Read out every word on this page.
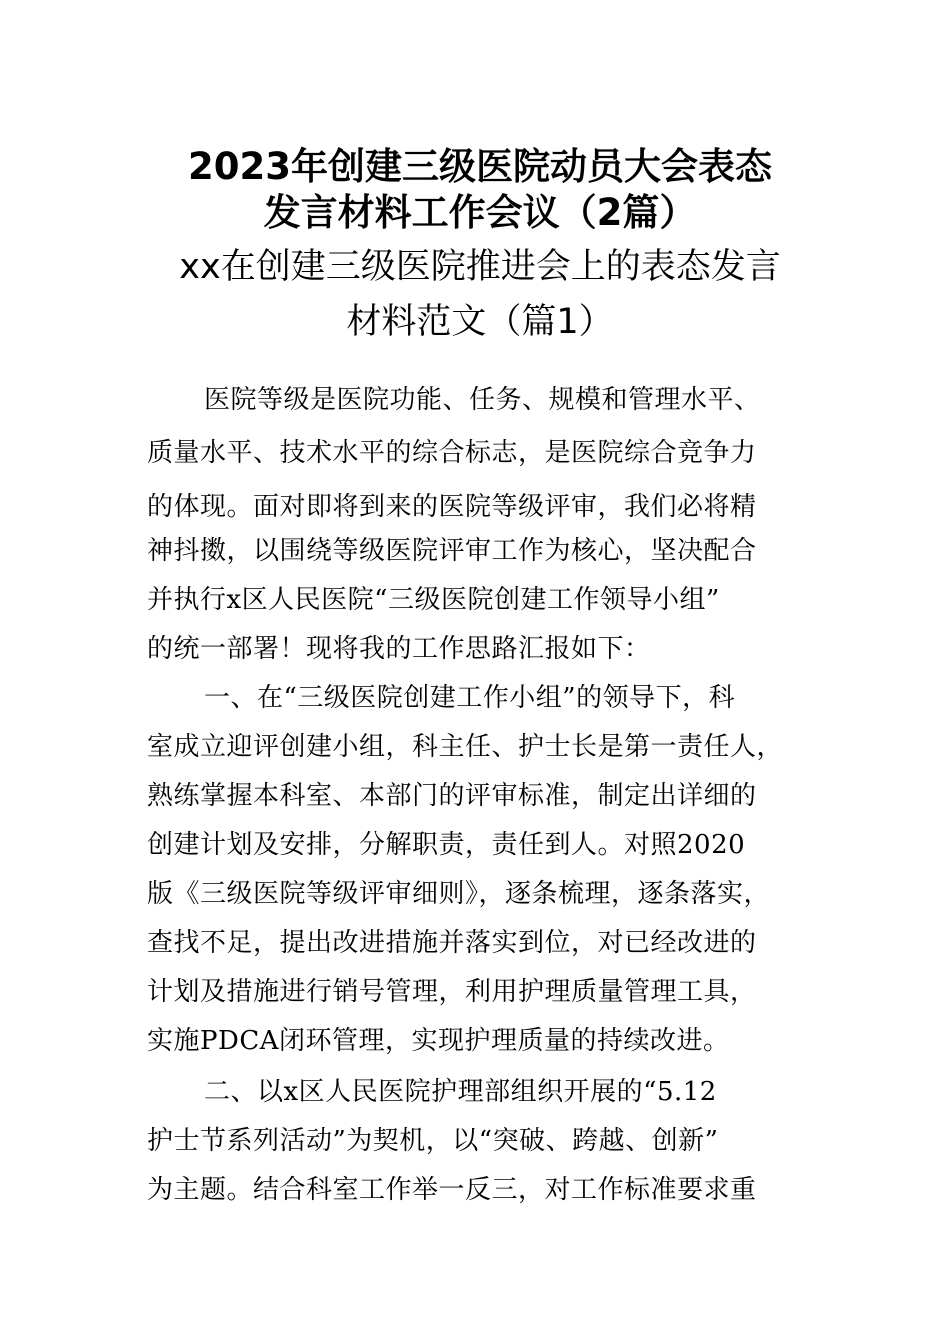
2023年创建三级医院动员大会表态
发言材料工作会议（2篇）
xx在创建三级医院推进会上的表态发言
材料范文（篇1）
医院等级是医院功能、任务、规模和管理水平、
质量水平、技术水平的综合标志，是医院综合竞争力
的体现。面对即将到来的医院等级评审，我们必将精
神抖擞，以围绕等级医院评审工作为核心，坚决配合
并执行x区人民医院“三级医院创建工作领导小组”
的统一部署！现将我的工作思路汇报如下：
一、在“三级医院创建工作小组”的领导下，科
室成立迎评创建小组，科主任、护士长是第一责任人，
熟练掌握本科室、本部门的评审标准，制定出详细的
创建计划及安排，分解职责，责任到人。对照2020
版《三级医院等级评审细则》，逐条梳理，逐条落实，
查找不足，提出改进措施并落实到位，对已经改进的
计划及措施进行销号管理，利用护理质量管理工具，
实施PDCA闭环管理，实现护理质量的持续改进。
二、以x区人民医院护理部组织开展的“5.12
护士节系列活动”为契机，以“突破、跨越、创新”
为主题。结合科室工作举一反三，对工作标准要求重
